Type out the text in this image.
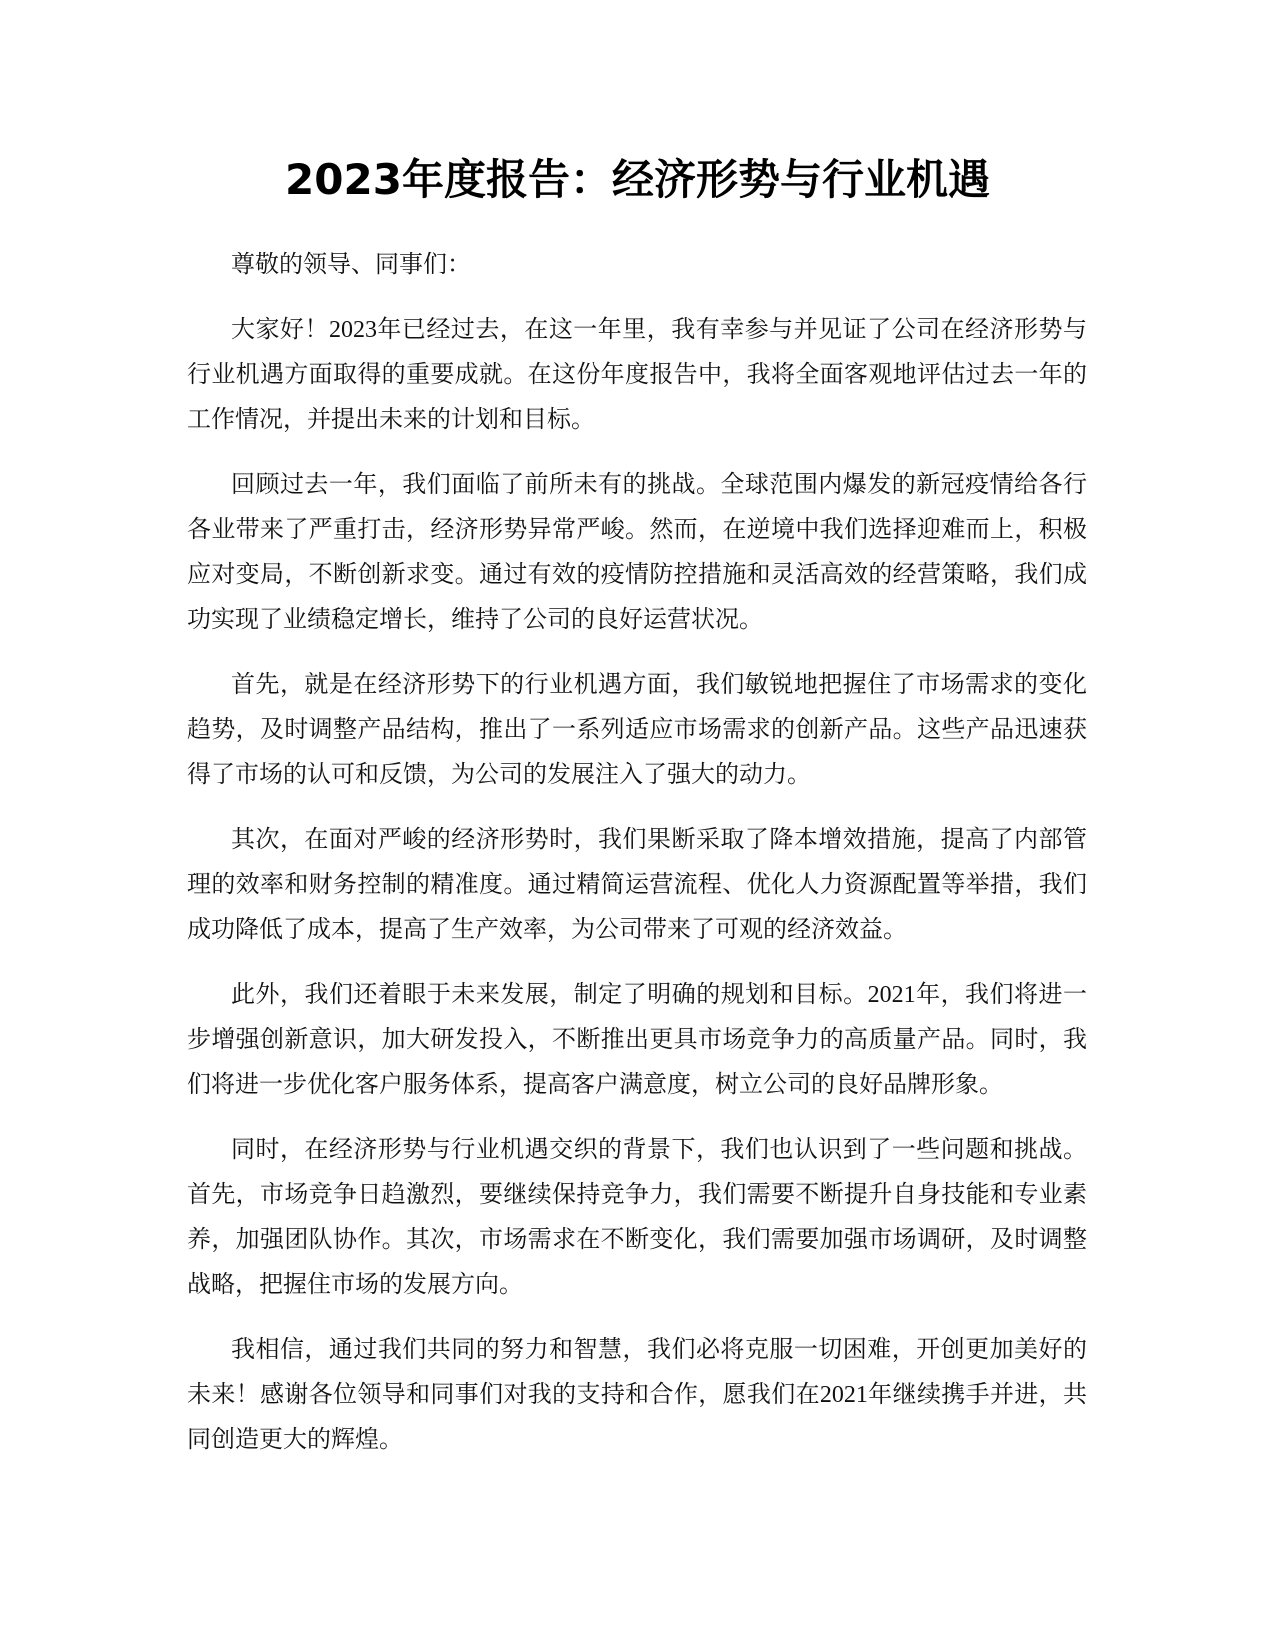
2023年度报告：经济形势与行业机遇

尊敬的领导、同事们：

大家好！2023年已经过去，在这一年里，我有幸参与并见证了公司在经济形势与行业机遇方面取得的重要成就。在这份年度报告中，我将全面客观地评估过去一年的工作情况，并提出未来的计划和目标。

回顾过去一年，我们面临了前所未有的挑战。全球范围内爆发的新冠疫情给各行各业带来了严重打击，经济形势异常严峻。然而，在逆境中我们选择迎难而上，积极应对变局，不断创新求变。通过有效的疫情防控措施和灵活高效的经营策略，我们成功实现了业绩稳定增长，维持了公司的良好运营状况。

首先，就是在经济形势下的行业机遇方面，我们敏锐地把握住了市场需求的变化趋势，及时调整产品结构，推出了一系列适应市场需求的创新产品。这些产品迅速获得了市场的认可和反馈，为公司的发展注入了强大的动力。

其次，在面对严峻的经济形势时，我们果断采取了降本增效措施，提高了内部管理的效率和财务控制的精准度。通过精简运营流程、优化人力资源配置等举措，我们成功降低了成本，提高了生产效率，为公司带来了可观的经济效益。

此外，我们还着眼于未来发展，制定了明确的规划和目标。2021年，我们将进一步增强创新意识，加大研发投入，不断推出更具市场竞争力的高质量产品。同时，我们将进一步优化客户服务体系，提高客户满意度，树立公司的良好品牌形象。

同时，在经济形势与行业机遇交织的背景下，我们也认识到了一些问题和挑战。首先，市场竞争日趋激烈，要继续保持竞争力，我们需要不断提升自身技能和专业素养，加强团队协作。其次，市场需求在不断变化，我们需要加强市场调研，及时调整战略，把握住市场的发展方向。

我相信，通过我们共同的努力和智慧，我们必将克服一切困难，开创更加美好的未来！感谢各位领导和同事们对我的支持和合作，愿我们在2021年继续携手并进，共同创造更大的辉煌。
